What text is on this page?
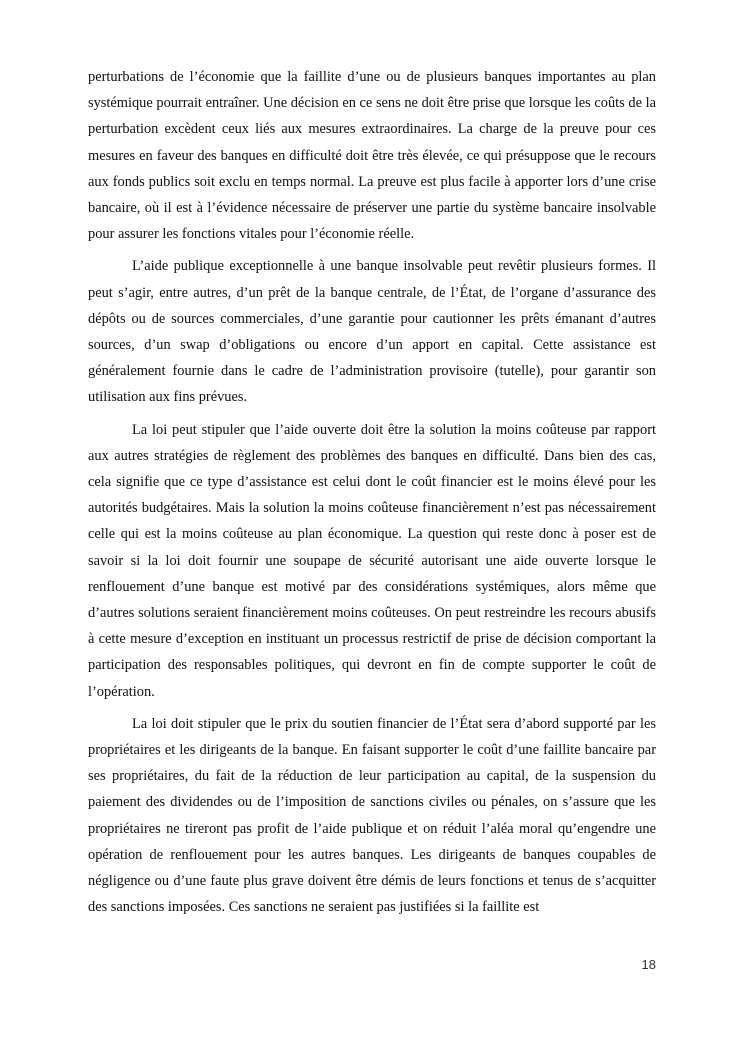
perturbations de l’économie que la faillite d’une ou de plusieurs banques importantes au plan systémique pourrait entraîner. Une décision en ce sens ne doit être prise que lorsque les coûts de la perturbation excèdent ceux liés aux mesures extraordinaires. La charge de la preuve pour ces mesures en faveur des banques en difficulté doit être très élevée, ce qui présuppose que le recours aux fonds publics soit exclu en temps normal. La preuve est plus facile à apporter lors d’une crise bancaire, où il est à l’évidence nécessaire de préserver une partie du système bancaire insolvable pour assurer les fonctions vitales pour l’économie réelle.

L’aide publique exceptionnelle à une banque insolvable peut revêtir plusieurs formes. Il peut s’agir, entre autres, d’un prêt de la banque centrale, de l’État, de l’organe d’assurance des dépôts ou de sources commerciales, d’une garantie pour cautionner les prêts émanant d’autres sources, d’un swap d’obligations ou encore d’un apport en capital. Cette assistance est généralement fournie dans le cadre de l’administration provisoire (tutelle), pour garantir son utilisation aux fins prévues.

La loi peut stipuler que l’aide ouverte doit être la solution la moins coûteuse par rapport aux autres stratégies de règlement des problèmes des banques en difficulté. Dans bien des cas, cela signifie que ce type d’assistance est celui dont le coût financier est le moins élevé pour les autorités budgétaires. Mais la solution la moins coûteuse financièrement n’est pas nécessairement celle qui est la moins coûteuse au plan économique. La question qui reste donc à poser est de savoir si la loi doit fournir une soupape de sécurité autorisant une aide ouverte lorsque le renflouement d’une banque est motivé par des considérations systémiques, alors même que d’autres solutions seraient financièrement moins coûteuses. On peut restreindre les recours abusifs à cette mesure d’exception en instituant un processus restrictif de prise de décision comportant la participation des responsables politiques, qui devront en fin de compte supporter le coût de l’opération.

La loi doit stipuler que le prix du soutien financier de l’État sera d’abord supporté par les propriétaires et les dirigeants de la banque. En faisant supporter le coût d’une faillite bancaire par ses propriétaires, du fait de la réduction de leur participation au capital, de la suspension du paiement des dividendes ou de l’imposition de sanctions civiles ou pénales, on s’assure que les propriétaires ne tireront pas profit de l’aide publique et on réduit l’aléa moral qu’engendre une opération de renflouement pour les autres banques. Les dirigeants de banques coupables de négligence ou d’une faute plus grave doivent être démis de leurs fonctions et tenus de s’acquitter des sanctions imposées. Ces sanctions ne seraient pas justifiées si la faillite est

18
